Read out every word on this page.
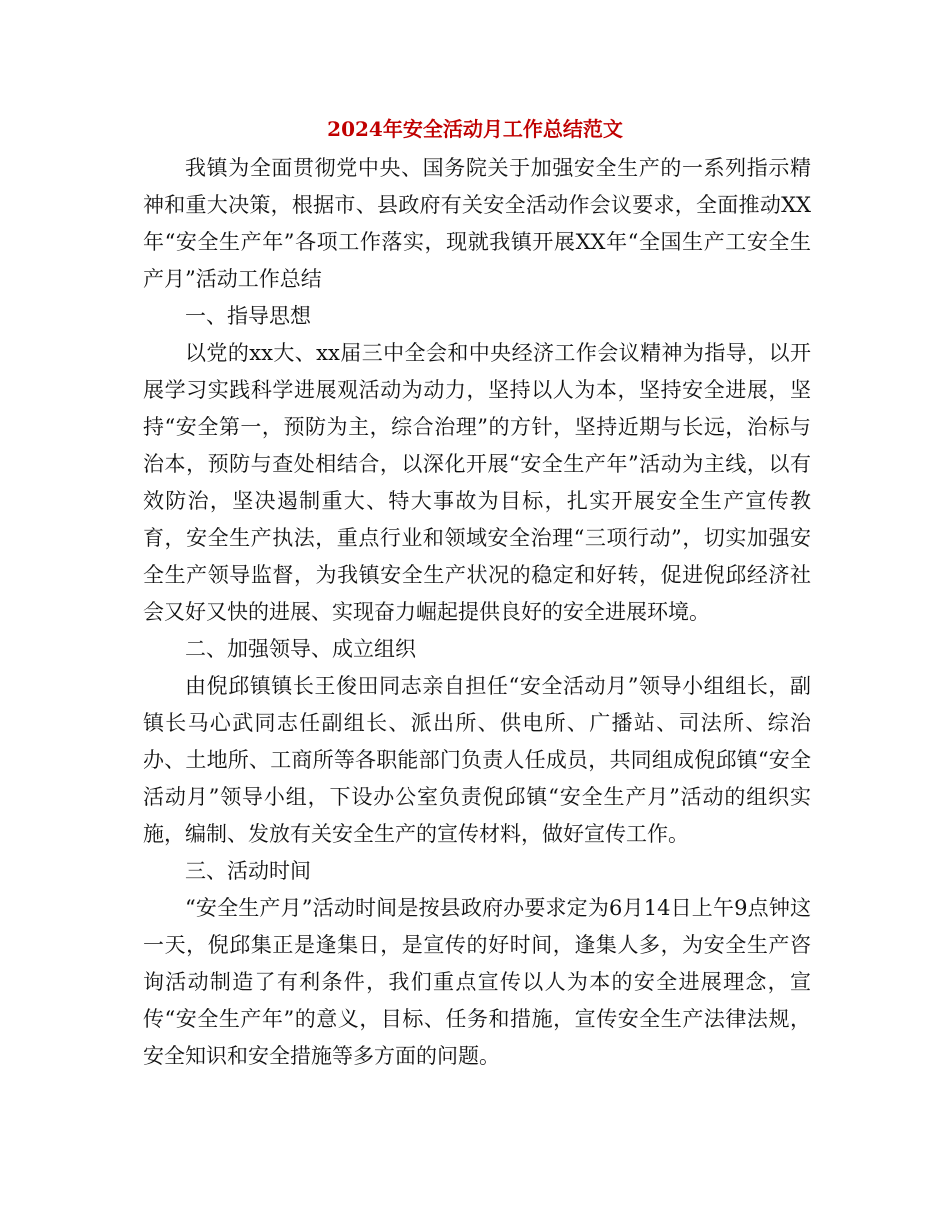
2024年安全活动月工作总结范文

我镇为全面贯彻党中央、国务院关于加强安全生产的一系列指示精神和重大决策，根据市、县政府有关安全活动作会议要求，全面推动XX年“安全生产年”各项工作落实，现就我镇开展XX年“全国生产工安全生产月”活动工作总结

一、指导思想

以党的xx大、xx届三中全会和中央经济工作会议精神为指导，以开展学习实践科学进展观活动为动力，坚持以人为本，坚持安全进展，坚持“安全第一，预防为主，综合治理”的方针，坚持近期与长远，治标与治本，预防与查处相结合，以深化开展“安全生产年”活动为主线，以有效防治，坚决遏制重大、特大事故为目标，扎实开展安全生产宣传教育，安全生产执法，重点行业和领域安全治理“三项行动”，切实加强安全生产领导监督，为我镇安全生产状况的稳定和好转，促进倪邱经济社会又好又快的进展、实现奋力崛起提供良好的安全进展环境。

二、加强领导、成立组织

由倪邱镇镇长王俊田同志亲自担任“安全活动月”领导小组组长，副镇长马心武同志任副组长、派出所、供电所、广播站、司法所、综治办、土地所、工商所等各职能部门负责人任成员，共同组成倪邱镇“安全活动月”领导小组，下设办公室负责倪邱镇“安全生产月”活动的组织实施，编制、发放有关安全生产的宣传材料，做好宣传工作。

三、活动时间

“安全生产月”活动时间是按县政府办要求定为6月14日上午9点钟这一天，倪邱集正是逢集日，是宣传的好时间，逢集人多，为安全生产咨询活动制造了有利条件，我们重点宣传以人为本的安全进展理念，宣传“安全生产年”的意义，目标、任务和措施，宣传安全生产法律法规，安全知识和安全措施等多方面的问题。
